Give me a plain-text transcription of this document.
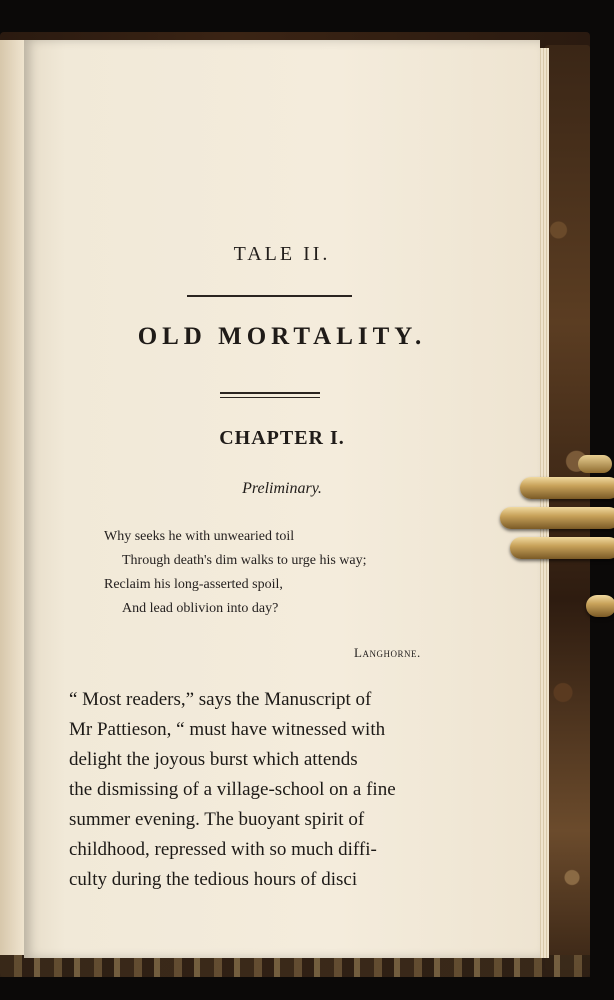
TALE II.
OLD MORTALITY.
CHAPTER I.
Preliminary.
Why seeks he with unwearied toil
Through death's dim walks to urge his way;
Reclaim his long-asserted spoil,
And lead oblivion into day?
Langhorne.
“ Most readers,” says the Manuscript of
Mr Pattieson, “ must have witnessed with
delight the joyous burst which attends
the dismissing of a village-school on a fine
summer evening. The buoyant spirit of
childhood, repressed with so much diffi-
culty during the tedious hours of disci
